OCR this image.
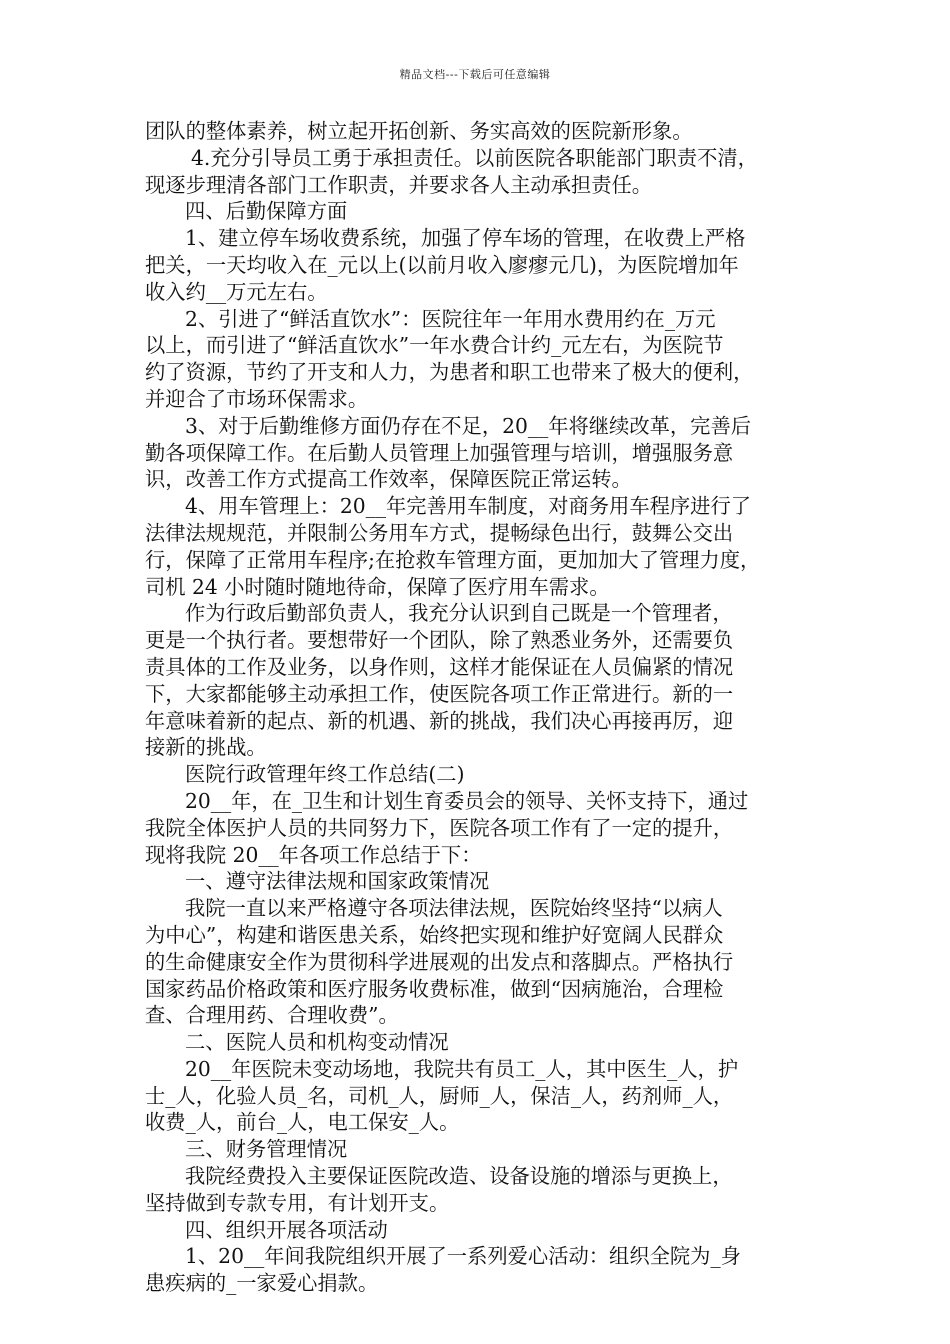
精品文档---下载后可任意编辑
团队的整体素养，树立起开拓创新、务实高效的医院新形象。
4.充分引导员工勇于承担责任。以前医院各职能部门职责不清，
现逐步理清各部门工作职责，并要求各人主动承担责任。
四、后勤保障方面
1、建立停车场收费系统，加强了停车场的管理，在收费上严格
把关，一天均收入在_元以上(以前月收入廖瘳元几)，为医院增加年
收入约__万元左右。
2、引进了“鲜活直饮水”：医院往年一年用水费用约在_万元
以上，而引进了“鲜活直饮水”一年水费合计约_元左右，为医院节
约了资源，节约了开支和人力，为患者和职工也带来了极大的便利，
并迎合了市场环保需求。
3、对于后勤维修方面仍存在不足，20__年将继续改革，完善后
勤各项保障工作。在后勤人员管理上加强管理与培训，增强服务意
识，改善工作方式提高工作效率，保障医院正常运转。
4、用车管理上：20__年完善用车制度，对商务用车程序进行了
法律法规规范，并限制公务用车方式，提畅绿色出行，鼓舞公交出
行，保障了正常用车程序;在抢救车管理方面，更加加大了管理力度，
司机 24 小时随时随地待命，保障了医疗用车需求。
作为行政后勤部负责人，我充分认识到自己既是一个管理者，
更是一个执行者。要想带好一个团队，除了熟悉业务外，还需要负
责具体的工作及业务，以身作则，这样才能保证在人员偏紧的情况
下，大家都能够主动承担工作，使医院各项工作正常进行。新的一
年意味着新的起点、新的机遇、新的挑战，我们决心再接再厉，迎
接新的挑战。
医院行政管理年终工作总结(二)
20__年，在_卫生和计划生育委员会的领导、关怀支持下，通过
我院全体医护人员的共同努力下，医院各项工作有了一定的提升，
现将我院 20__年各项工作总结于下：
一、遵守法律法规和国家政策情况
我院一直以来严格遵守各项法律法规，医院始终坚持“以病人
为中心”，构建和谐医患关系，始终把实现和维护好宽阔人民群众
的生命健康安全作为贯彻科学进展观的出发点和落脚点。严格执行
国家药品价格政策和医疗服务收费标准，做到“因病施治，合理检
查、合理用药、合理收费”。
二、医院人员和机构变动情况
20__年医院未变动场地，我院共有员工_人，其中医生_人，护
士_人，化验人员_名，司机_人，厨师_人，保洁_人，药剂师_人，
收费_人，前台_人，电工保安_人。
三、财务管理情况
我院经费投入主要保证医院改造、设备设施的增添与更换上，
坚持做到专款专用，有计划开支。
四、组织开展各项活动
1、20__年间我院组织开展了一系列爱心活动：组织全院为_身
患疾病的_一家爱心捐款。
